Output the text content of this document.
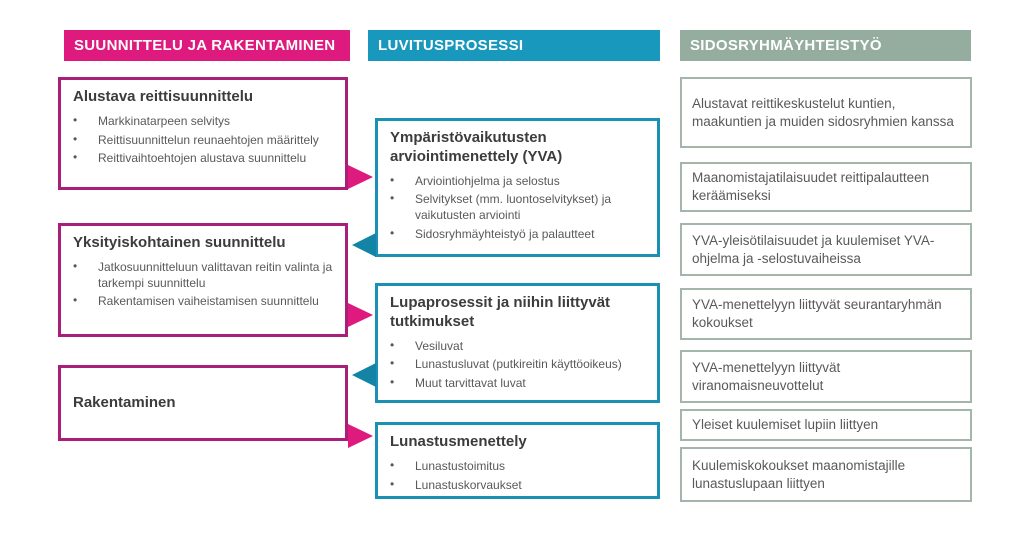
SUUNNITTELU JA RAKENTAMINEN	LUVITUSPROSESSI	SIDOSRYHMÄYHTEISTYÖ
Alustava reittisuunnittelu
• Markkinatarpeen selvitys
• Reittisuunnittelun reunaehtojen määrittely
• Reittivaihtoehtojen alustava suunnittelu
Yksityiskohtainen suunnittelu
• Jatkosuunnitteluun valittavan reitin valinta ja tarkempi suunnittelu
• Rakentamisen vaiheistamisen suunnittelu
Rakentaminen
Ympäristövaikutusten arviointimenettely (YVA)
• Arviointiohjelma ja selostus
• Selvitykset (mm. luontoselvitykset) ja vaikutusten arviointi
• Sidosryhmäyhteistyö ja palautteet
Lupaprosessit ja niihin liittyvät tutkimukset
• Vesiluvat
• Lunastusluvat (putkireitin käyttöoikeus)
• Muut tarvittavat luvat
Lunastusmenettely
• Lunastustoimitus
• Lunastuskorvaukset
Alustavat reittikeskustelut kuntien, maakuntien ja muiden sidosryhmien kanssa
Maanomistajatilaisuudet reittipalautteen keräämiseksi
YVA-yleisötilaisuudet ja kuulemiset YVA-ohjelma ja -selostuvaiheissa
YVA-menettelyyn liittyvät seurantaryhmän kokoukset
YVA-menettelyyn liittyvät viranomaisneuvottelut
Yleiset kuulemiset lupiin liittyen
Kuulemiskokoukset maanomistajille lunastuslupaan liittyen
